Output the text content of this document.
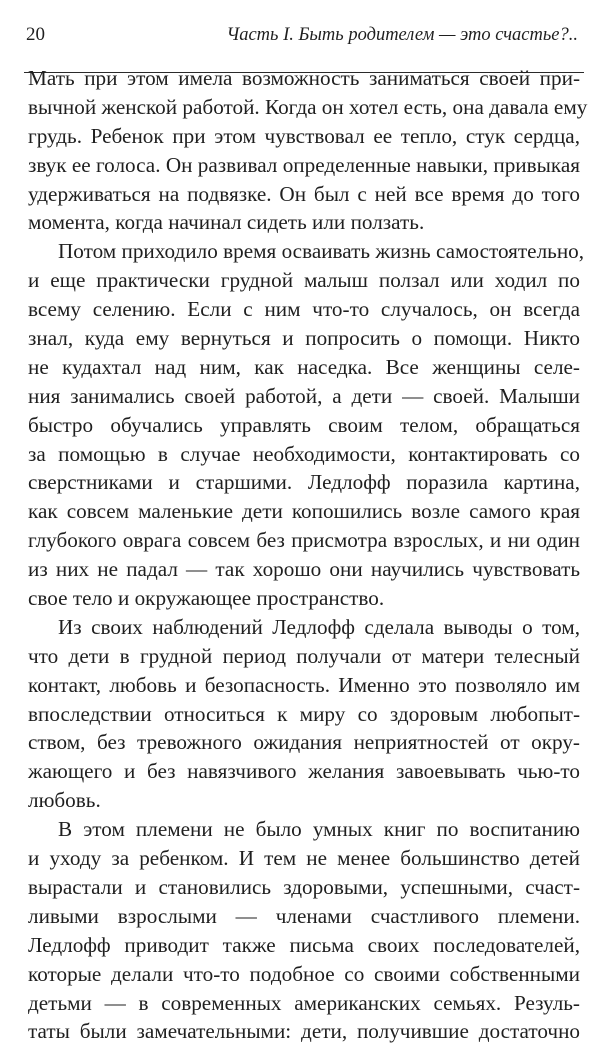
20	Часть I. Быть родителем — это счастье?..
Мать при этом имела возможность заниматься своей при-
вычной женской работой. Когда он хотел есть, она давала ему
грудь. Ребенок при этом чувствовал ее тепло, стук сердца,
звук ее голоса. Он развивал определенные навыки, привыкая
удерживаться на подвязке. Он был с ней все время до того
момента, когда начинал сидеть или ползать.
Потом приходило время осваивать жизнь самостоятельно,
и еще практически грудной малыш ползал или ходил по
всему селению. Если с ним что-то случалось, он всегда
знал, куда ему вернуться и попросить о помощи. Никто
не кудахтал над ним, как наседка. Все женщины селе-
ния занимались своей работой, а дети — своей. Малыши
быстро обучались управлять своим телом, обращаться
за помощью в случае необходимости, контактировать со
сверстниками и старшими. Ледлофф поразила картина,
как совсем маленькие дети копошились возле самого края
глубокого оврага совсем без присмотра взрослых, и ни один
из них не падал — так хорошо они научились чувствовать
свое тело и окружающее пространство.
Из своих наблюдений Ледлофф сделала выводы о том,
что дети в грудной период получали от матери телесный
контакт, любовь и безопасность. Именно это позволяло им
впоследствии относиться к миру со здоровым любопыт-
ством, без тревожного ожидания неприятностей от окру-
жающего и без навязчивого желания завоевывать чью-то
любовь.
В этом племени не было умных книг по воспитанию
и уходу за ребенком. И тем не менее большинство детей
вырастали и становились здоровыми, успешными, счаст-
ливыми взрослыми — членами счастливого племени.
Ледлофф приводит также письма своих последователей,
которые делали что-то подобное со своими собственными
детьми — в современных американских семьях. Резуль-
таты были замечательными: дети, получившие достаточно
